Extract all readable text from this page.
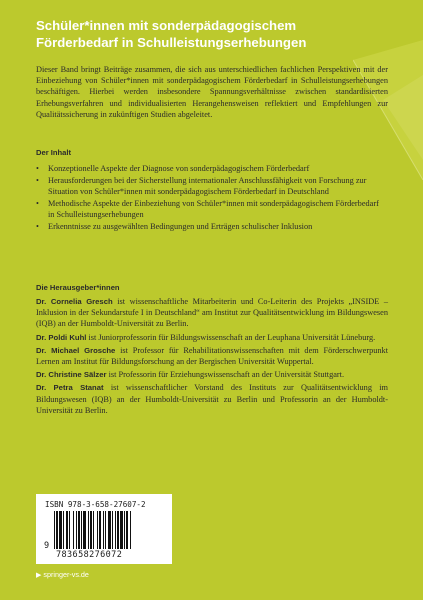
Schüler*innen mit sonderpädagogischem Förderbedarf in Schulleistungserhebungen

Dieser Band bringt Beiträge zusammen, die sich aus unterschiedlichen fachlichen Perspektiven mit der Einbeziehung von Schüler*innen mit sonderpädagogischem Förderbedarf in Schulleistungserhebungen beschäftigen. Hierbei werden insbesondere Spannungsverhältnisse zwischen standardisierten Erhebungsverfahren und individualisierten Herangehensweisen reflektiert und Empfehlungen zur Qualitätssicherung in zukünftigen Studien abgeleitet.

Der Inhalt
• Konzeptionelle Aspekte der Diagnose von sonderpädagogischem Förderbedarf
• Herausforderungen bei der Sicherstellung internationaler Anschlussfähigkeit von Forschung zur Situation von Schüler*innen mit sonderpädagogischem Förderbedarf in Deutschland
• Methodische Aspekte der Einbeziehung von Schüler*innen mit sonderpädagogischem Förderbedarf in Schulleistungserhebungen
• Erkenntnisse zu ausgewählten Bedingungen und Erträgen schulischer Inklusion
Die Herausgeber*innen

Dr. Cornelia Gresch ist wissenschaftliche Mitarbeiterin und Co-Leiterin des Projekts „INSIDE – Inklusion in der Sekundarstufe I in Deutschland“ am Institut zur Qualitätsentwicklung im Bildungswesen (IQB) an der Humboldt-Universität zu Berlin.

Dr. Poldi Kuhl ist Juniorprofessorin für Bildungswissenschaft an der Leuphana Universität Lüneburg.

Dr. Michael Grosche ist Professor für Rehabilitationswissenschaften mit dem Förderschwerpunkt Lernen am Institut für Bildungsforschung an der Bergischen Universität Wuppertal.

Dr. Christine Sälzer ist Professorin für Erziehungswissenschaft an der Universität Stuttgart.

Dr. Petra Stanat ist wissenschaftlicher Vorstand des Instituts zur Qualitätsentwicklung im Bildungswesen (IQB) an der Humboldt-Universität zu Berlin und Professorin an der Humboldt-Universität zu Berlin.

ISBN 978-3-658-27607-2
9
783658276072
▶ springer-vs.de
